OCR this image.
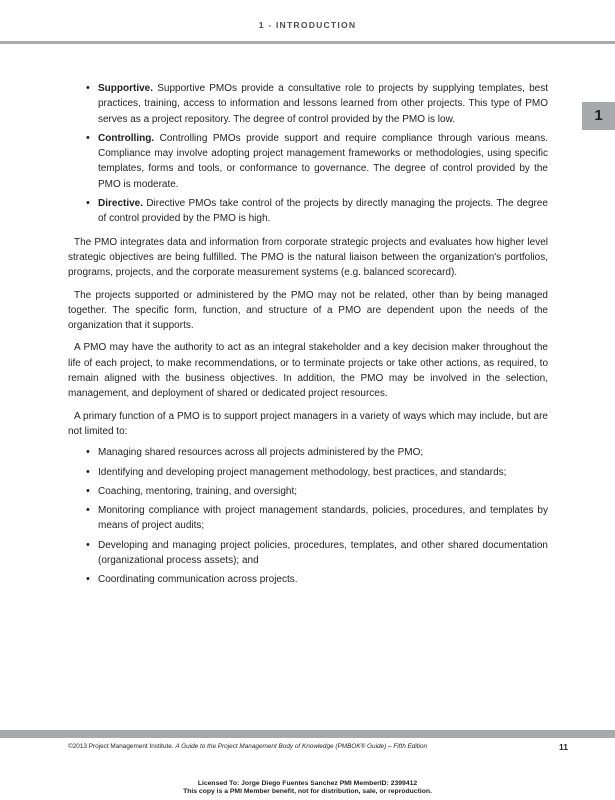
1 - INTRODUCTION
1
• Supportive. Supportive PMOs provide a consultative role to projects by supplying templates, best practices, training, access to information and lessons learned from other projects. This type of PMO serves as a project repository. The degree of control provided by the PMO is low.
• Controlling. Controlling PMOs provide support and require compliance through various means. Compliance may involve adopting project management frameworks or methodologies, using specific templates, forms and tools, or conformance to governance. The degree of control provided by the PMO is moderate.
• Directive. Directive PMOs take control of the projects by directly managing the projects. The degree of control provided by the PMO is high.

The PMO integrates data and information from corporate strategic projects and evaluates how higher level strategic objectives are being fulfilled. The PMO is the natural liaison between the organization's portfolios, programs, projects, and the corporate measurement systems (e.g. balanced scorecard).

The projects supported or administered by the PMO may not be related, other than by being managed together. The specific form, function, and structure of a PMO are dependent upon the needs of the organization that it supports.

A PMO may have the authority to act as an integral stakeholder and a key decision maker throughout the life of each project, to make recommendations, or to terminate projects or take other actions, as required, to remain aligned with the business objectives. In addition, the PMO may be involved in the selection, management, and deployment of shared or dedicated project resources.

A primary function of a PMO is to support project managers in a variety of ways which may include, but are not limited to:

• Managing shared resources across all projects administered by the PMO;
• Identifying and developing project management methodology, best practices, and standards;
• Coaching, mentoring, training, and oversight;
• Monitoring compliance with project management standards, policies, procedures, and templates by means of project audits;
• Developing and managing project policies, procedures, templates, and other shared documentation (organizational process assets); and
• Coordinating communication across projects.
©2013 Project Management Institute. A Guide to the Project Management Body of Knowledge (PMBOK® Guide) – Fifth Edition	11
Licensed To: Jorge Diego Fuentes Sanchez PMI MemberID: 2399412
This copy is a PMI Member benefit, not for distribution, sale, or reproduction.
